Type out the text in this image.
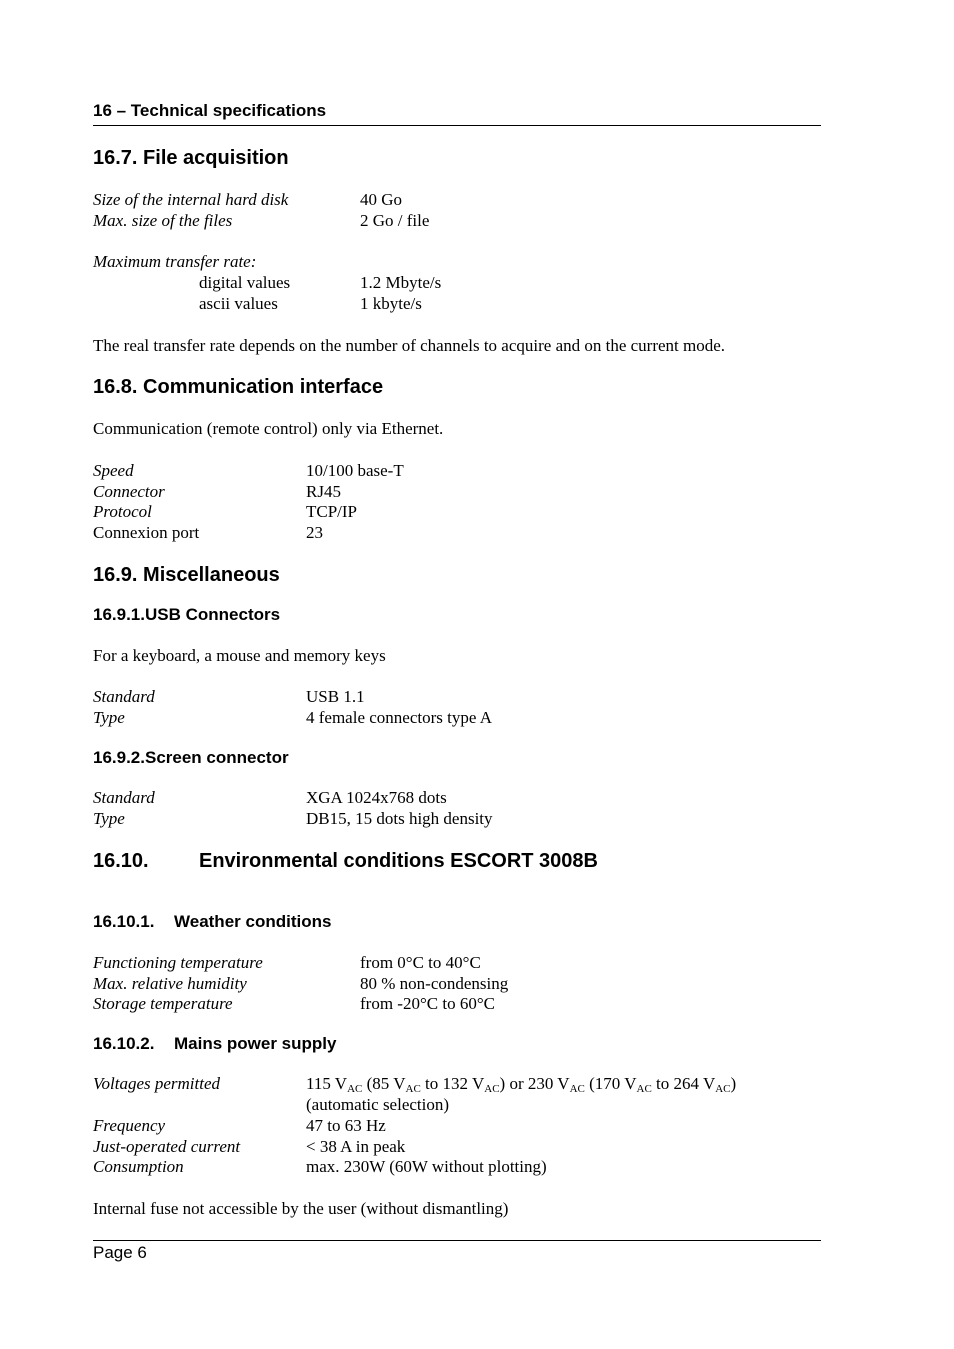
16 – Technical specifications
16.7. File acquisition
Size of the internal hard disk	40 Go
Max. size of the files	2 Go / file
Maximum transfer rate:
digital values	1.2 Mbyte/s
ascii values	1 kbyte/s
The real transfer rate depends on the number of channels to acquire and on the current mode.
16.8. Communication interface
Communication (remote control) only via Ethernet.
Speed	10/100 base-T
Connector	RJ45
Protocol	TCP/IP
Connexion port	23
16.9. Miscellaneous
16.9.1.USB Connectors
For a keyboard, a mouse and memory keys
Standard	USB 1.1
Type	4 female connectors type A
16.9.2.Screen connector
Standard	XGA 1024x768 dots
Type	DB15, 15 dots high density
16.10.	Environmental conditions ESCORT 3008B
16.10.1. Weather conditions
Functioning temperature	from 0°C to 40°C
Max. relative humidity	80 % non-condensing
Storage temperature	from -20°C to 60°C
16.10.2. Mains power supply
Voltages permitted	115 $V_{AC}$ (85 $V_{AC}$ to 132 $V_{AC}$) or 230 $V_{AC}$ (170 $V_{AC}$ to 264 $V_{AC}$)
(automatic selection)
Frequency	47 to 63 Hz
Just-operated current	< 38 A in peak
Consumption	max. 230W (60W without plotting)
Internal fuse not accessible by the user (without dismantling)
Page 6
